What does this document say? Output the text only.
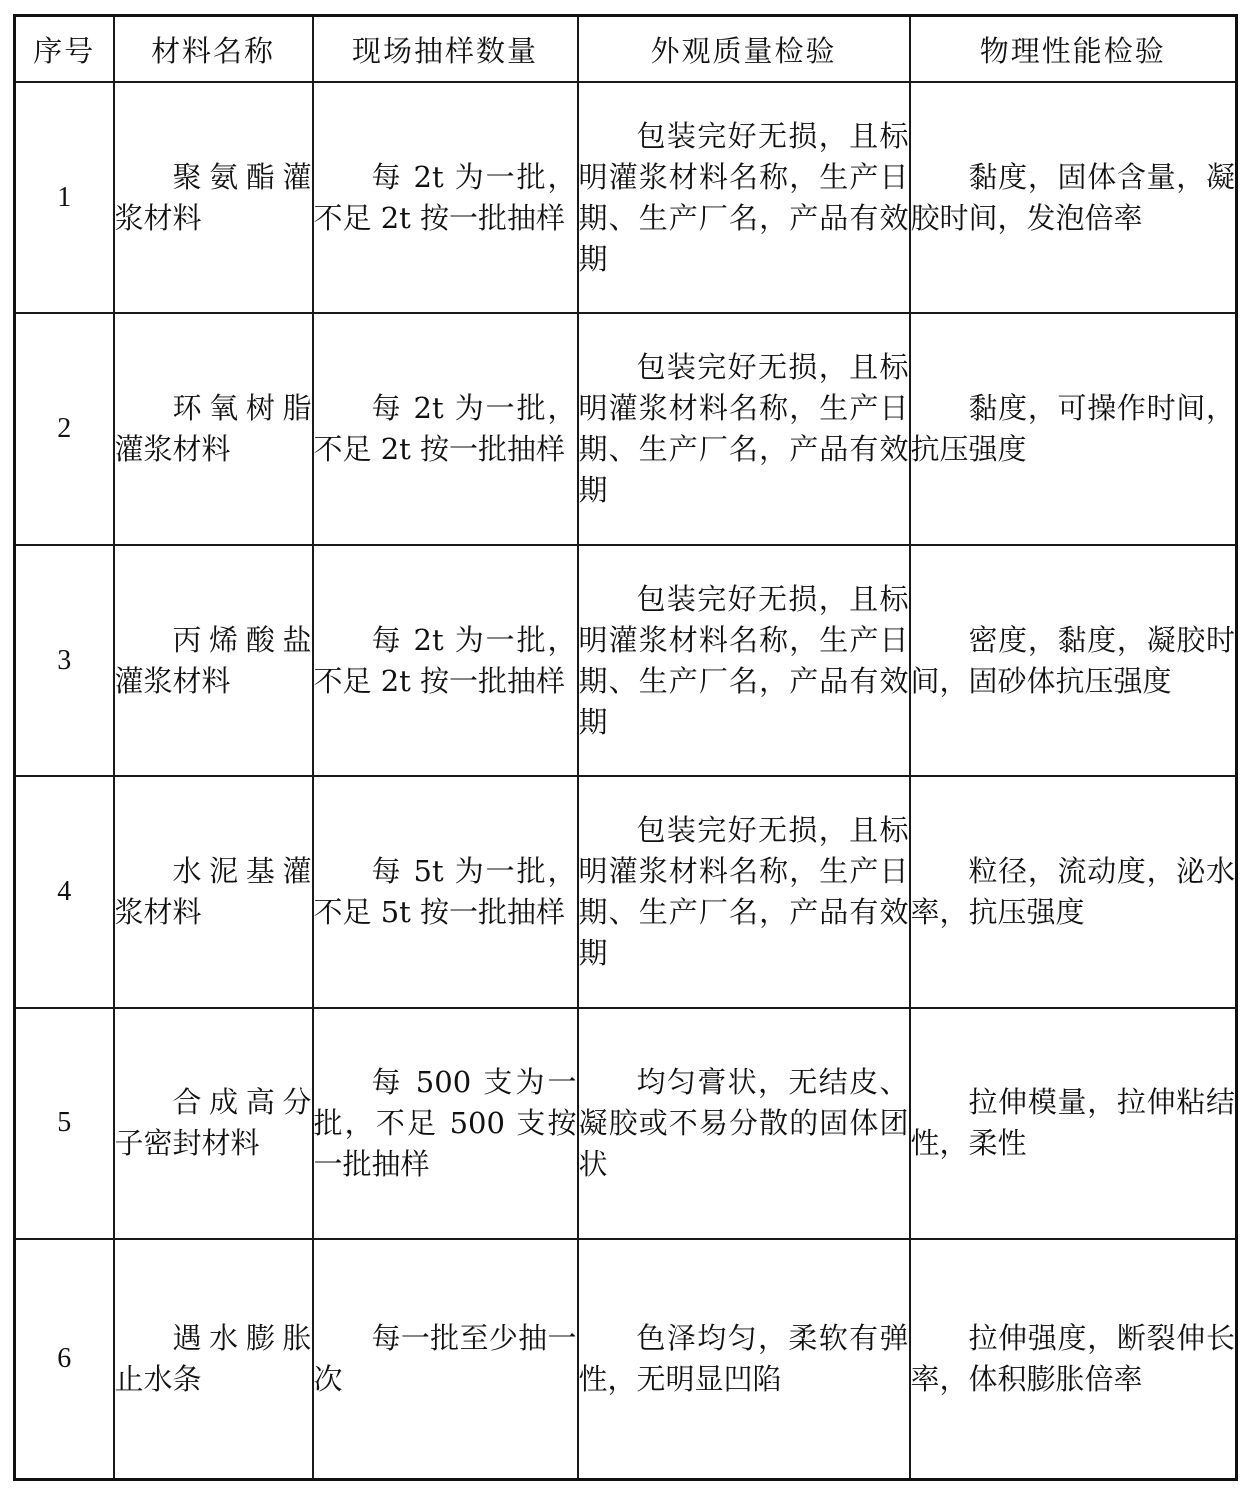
序号	材料名称	现场抽样数量	外观质量检验	物理性能检验
1	聚氨酯灌浆材料	每 2t 为一批，不足 2t 按一批抽样	包装完好无损，且标明灌浆材料名称，生产日期、生产厂名，产品有效期	黏度，固体含量，凝胶时间，发泡倍率

2	环氧树脂灌浆材料	每 2t 为一批，不足 2t 按一批抽样	包装完好无损，且标明灌浆材料名称，生产日期、生产厂名，产品有效期	黏度，可操作时间，抗压强度

3	丙烯酸盐灌浆材料	每 2t 为一批，不足 2t 按一批抽样	包装完好无损，且标明灌浆材料名称，生产日期、生产厂名，产品有效期	密度，黏度，凝胶时间，固砂体抗压强度

4	水泥基灌浆材料	每 5t 为一批，不足 5t 按一批抽样	包装完好无损，且标明灌浆材料名称，生产日期、生产厂名，产品有效期	粒径，流动度，泌水率，抗压强度

5	合成高分子密封材料	每 500 支为一批，不足 500 支按一批抽样	均匀膏状，无结皮、凝胶或不易分散的固体团状	拉伸模量，拉伸粘结性，柔性

6	遇水膨胀止水条	每一批至少抽一次	色泽均匀，柔软有弹性，无明显凹陷	拉伸强度，断裂伸长率，体积膨胀倍率
